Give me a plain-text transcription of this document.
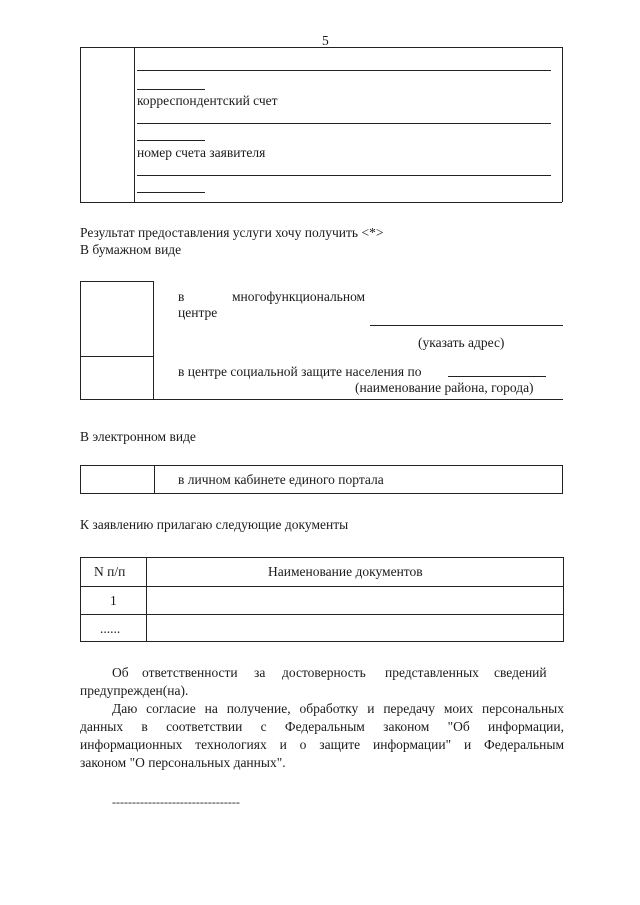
5
корреспондентский счет
номер счета заявителя
Результат предоставления услуги хочу получить <*>
В бумажном виде
в	многофункциональном
центре
(указать адрес)
в центре социальной защите населения по
(наименование района, города)
В электронном виде
в личном кабинете единого портала
К заявлению прилагаю следующие документы
N п/п	Наименование документов
1
......
Об ответственности за достоверность представленных сведений
предупрежден(на).
Даю согласие на получение, обработку и передачу моих персональных
данных в соответствии с Федеральным законом "Об информации,
информационных технологиях и о защите информации" и Федеральным
законом "О персональных данных".
--------------------------------
